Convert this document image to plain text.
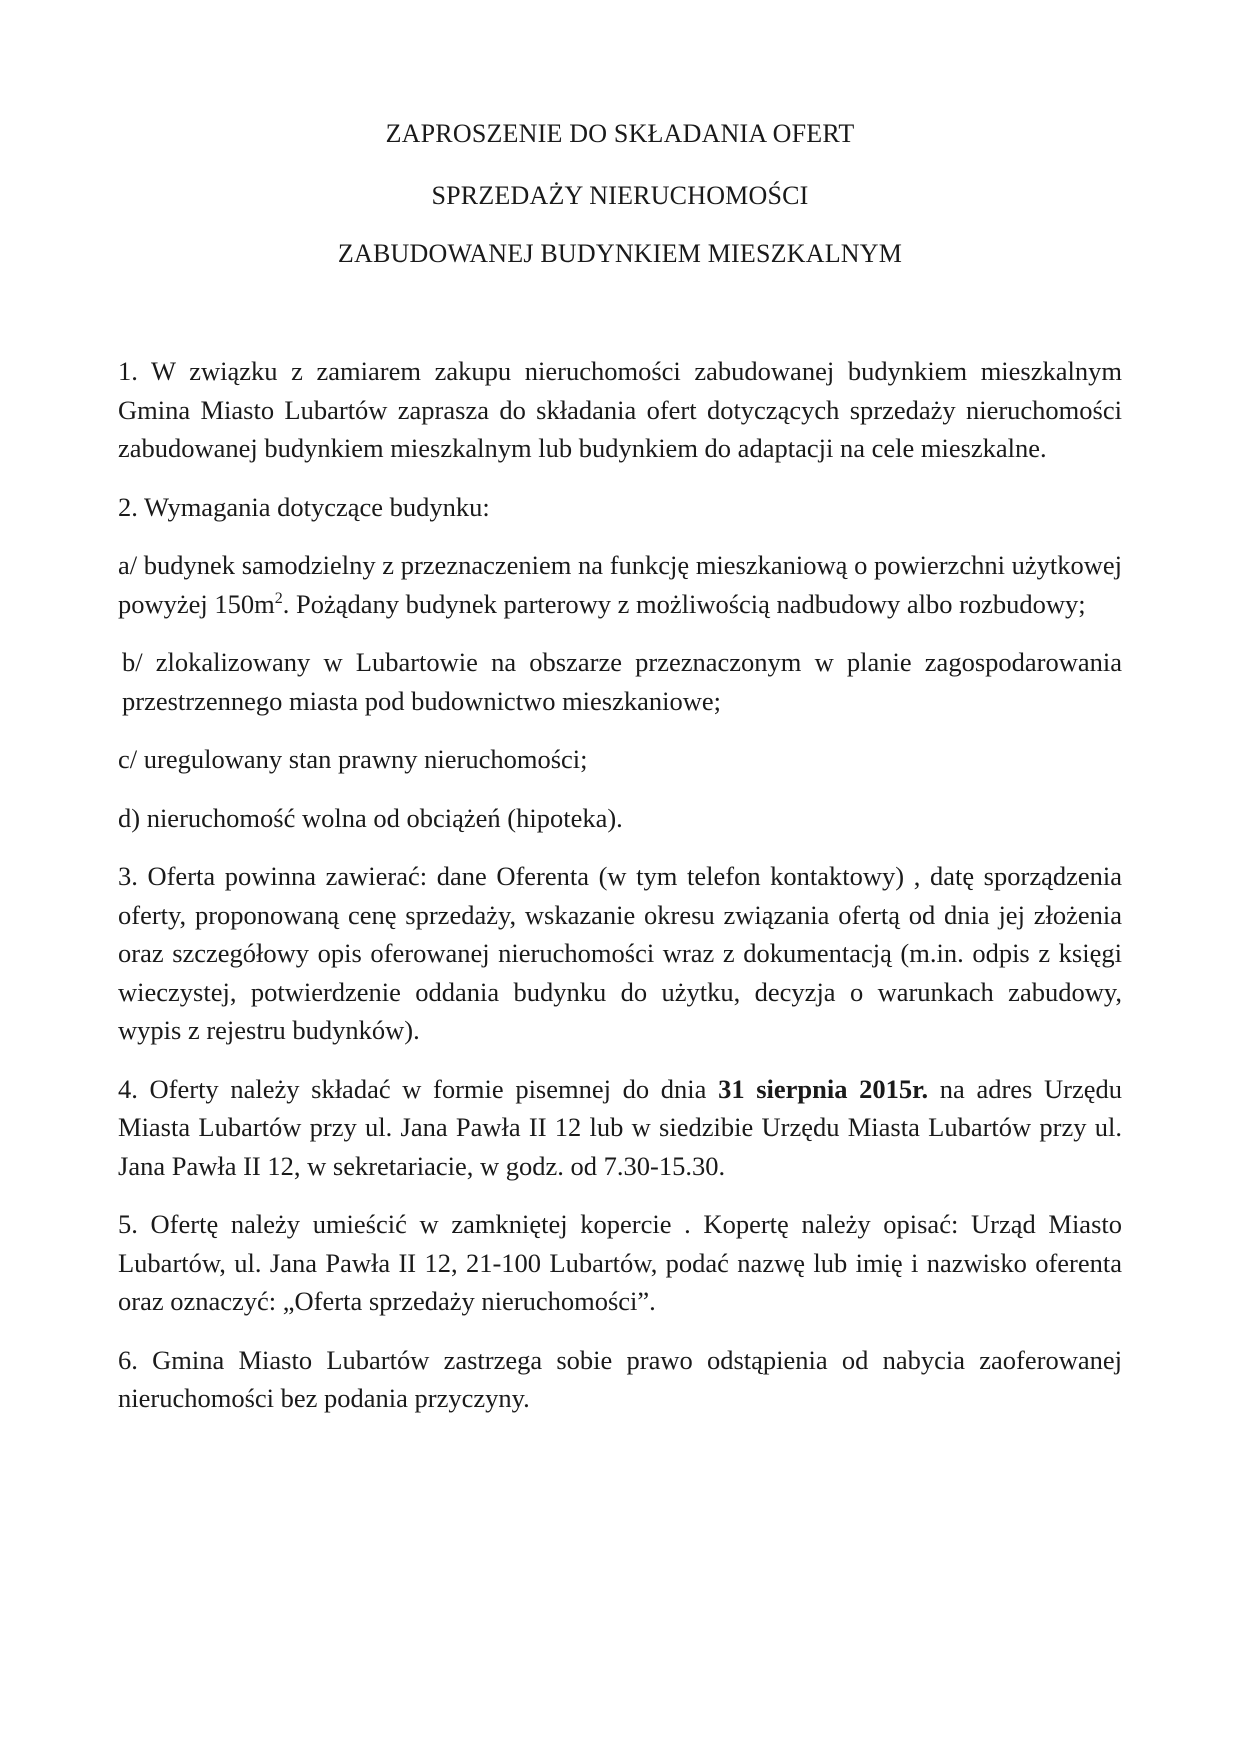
ZAPROSZENIE DO SKŁADANIA OFERT
SPRZEDAŻY NIERUCHOMOŚCI
ZABUDOWANEJ BUDYNKIEM MIESZKALNYM

1. W związku z zamiarem zakupu nieruchomości zabudowanej budynkiem mieszkalnym Gmina Miasto Lubartów zaprasza do składania ofert dotyczących sprzedaży nieruchomości zabudowanej budynkiem mieszkalnym lub budynkiem do adaptacji na cele mieszkalne.

2. Wymagania dotyczące budynku:

a/ budynek samodzielny z przeznaczeniem na funkcję mieszkaniową o powierzchni użytkowej powyżej $150m^2$. Pożądany budynek parterowy z możliwością nadbudowy albo rozbudowy;

b/ zlokalizowany w Lubartowie na obszarze przeznaczonym w planie zagospodarowania przestrzennego miasta pod budownictwo mieszkaniowe;

c/ uregulowany stan prawny nieruchomości;

d) nieruchomość wolna od obciążeń (hipoteka).

3. Oferta powinna zawierać: dane Oferenta (w tym telefon kontaktowy) , datę sporządzenia oferty, proponowaną cenę sprzedaży, wskazanie okresu związania ofertą od dnia jej złożenia oraz szczegółowy opis oferowanej nieruchomości wraz z dokumentacją (m.in. odpis z księgi wieczystej, potwierdzenie oddania budynku do użytku, decyzja o warunkach zabudowy, wypis z rejestru budynków).

4. Oferty należy składać w formie pisemnej do dnia 31 sierpnia 2015r. na adres Urzędu Miasta Lubartów przy ul. Jana Pawła II 12 lub w siedzibie Urzędu Miasta Lubartów przy ul. Jana Pawła II 12, w sekretariacie, w godz. od 7.30-15.30.

5. Ofertę należy umieścić w zamkniętej kopercie . Kopertę należy opisać: Urząd Miasto Lubartów, ul. Jana Pawła II 12, 21-100 Lubartów, podać nazwę lub imię i nazwisko oferenta oraz oznaczyć: „Oferta sprzedaży nieruchomości”.

6. Gmina Miasto Lubartów zastrzega sobie prawo odstąpienia od nabycia zaoferowanej nieruchomości bez podania przyczyny.
